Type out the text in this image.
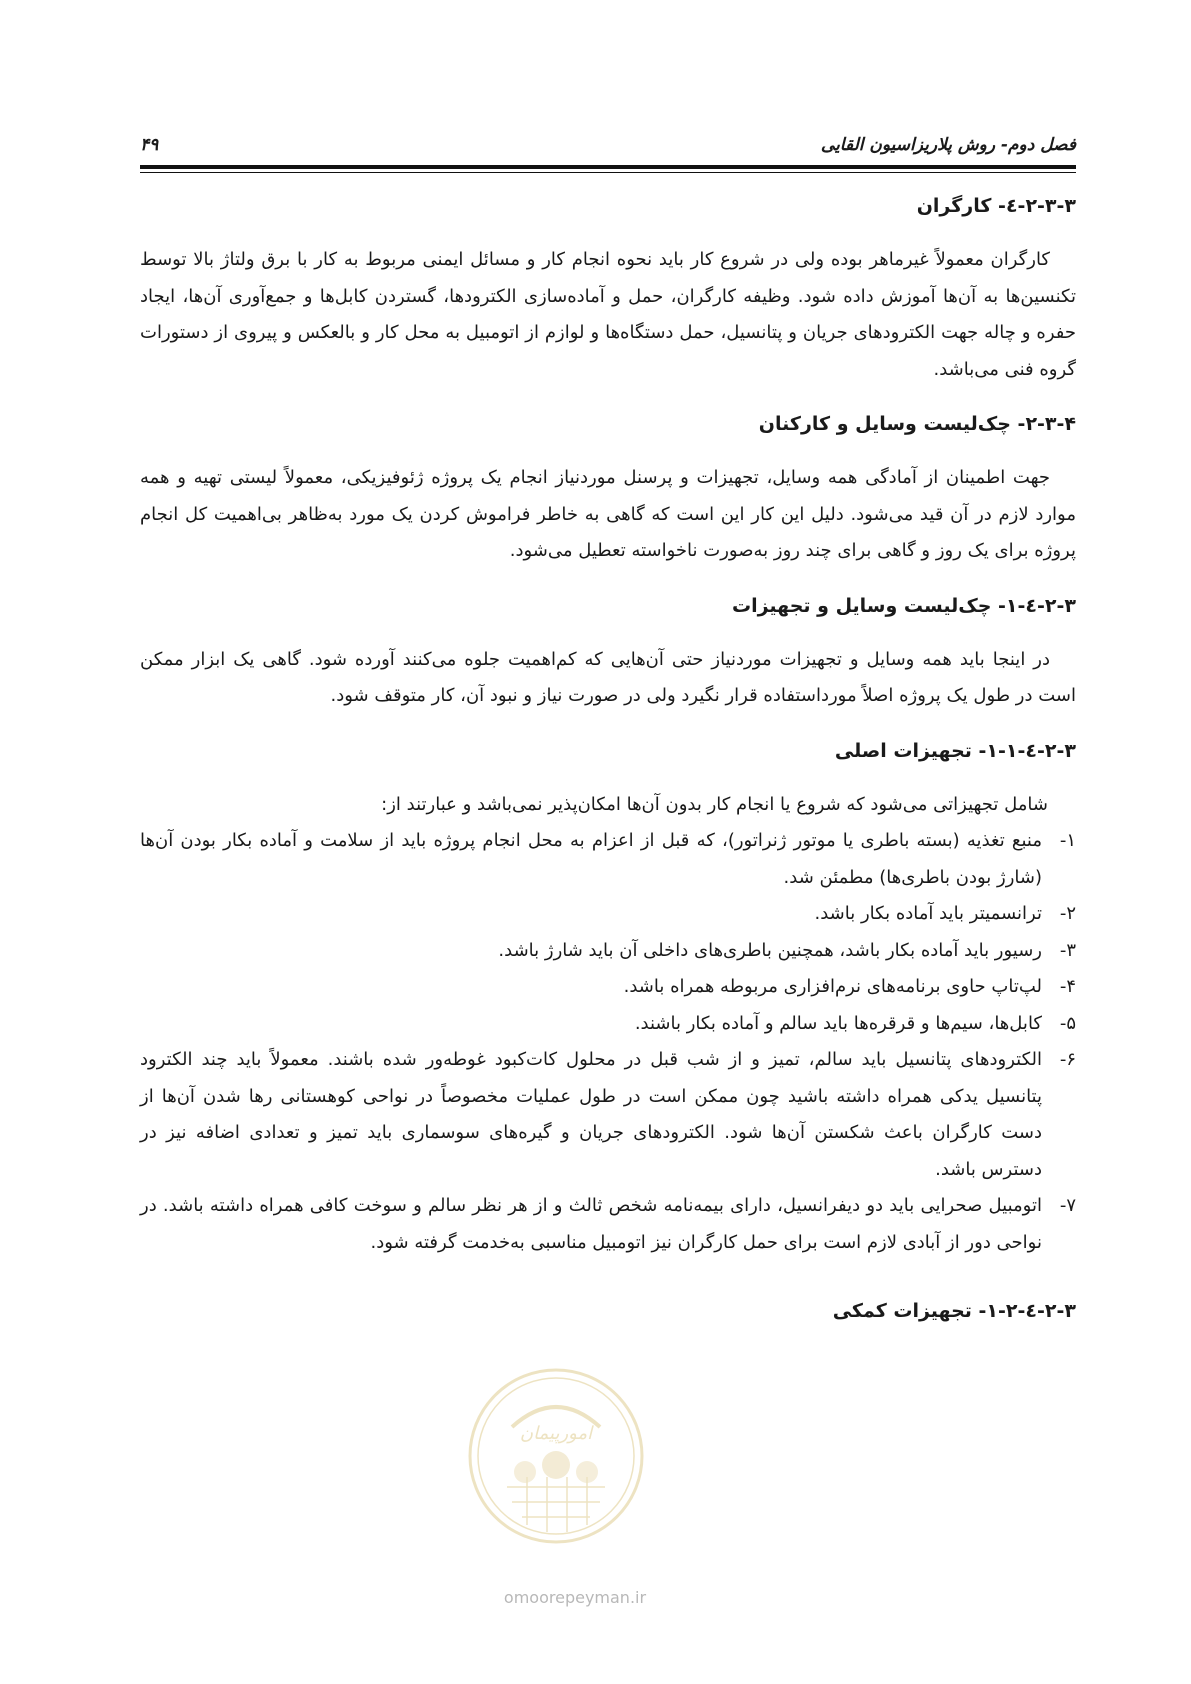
فصل دوم- روش پلاریزاسیون القایی
۴۹
۲-۳-۳-٤- کارگران

کارگران معمولاً غیرماهر بوده ولی در شروع کار باید نحوه انجام کار و مسائل ایمنی مربوط به کار با برق ولتاژ بالا توسط تکنسین‌ها به آن‌ها آموزش داده شود. وظیفه کارگران، حمل و آماده‌سازی الکترودها، گستردن کابل‌ها و جمع‌آوری آن‌ها، ایجاد حفره و چاله جهت الکترودهای جریان و پتانسیل، حمل دستگاه‌ها و لوازم از اتومبیل به محل کار و بالعکس و پیروی از دستورات گروه فنی می‌باشد.

۲-۳-۴- چک‌لیست وسایل و کارکنان

جهت اطمینان از آمادگی همه وسایل، تجهیزات و پرسنل موردنیاز انجام یک پروژه ژئوفیزیکی، معمولاً لیستی تهیه و همه موارد لازم در آن قید می‌شود. دلیل این کار این است که گاهی به خاطر فراموش کردن یک مورد به‌ظاهر بی‌اهمیت کل انجام پروژه برای یک روز و گاهی برای چند روز به‌صورت ناخواسته تعطیل می‌شود.

۲-۳-٤-۱- چک‌لیست وسایل و تجهیزات

در اینجا باید همه وسایل و تجهیزات موردنیاز حتی آن‌هایی که کم‌اهمیت جلوه می‌کنند آورده شود. گاهی یک ابزار ممکن است در طول یک پروژه اصلاً مورداستفاده قرار نگیرد ولی در صورت نیاز و نبود آن، کار متوقف شود.

۲-۳-٤-۱-۱- تجهیزات اصلی

شامل تجهیزاتی می‌شود که شروع یا انجام کار بدون آن‌ها امکان‌پذیر نمی‌باشد و عبارتند از:

۱-
منبع تغذیه (بسته باطری یا موتور ژنراتور)، که قبل از اعزام به محل انجام پروژه باید از سلامت و آماده بکار بودن آن‌ها (شارژ بودن باطری‌ها) مطمئن شد.
۲-
ترانسمیتر باید آماده بکار باشد.
۳-
رسیور باید آماده بکار باشد، همچنین باطری‌های داخلی آن باید شارژ باشد.
۴-
لپ‌تاپ حاوی برنامه‌های نرم‌افزاری مربوطه همراه باشد.
۵-
کابل‌ها، سیم‌ها و قرقره‌ها باید سالم و آماده بکار باشند.
۶-
الکترودهای پتانسیل باید سالم، تمیز و از شب قبل در محلول کات‌کبود غوطه‌ور شده باشند. معمولاً باید چند الکترود پتانسیل یدکی همراه داشته باشید چون ممکن است در طول عملیات مخصوصاً در نواحی کوهستانی رها شدن آن‌ها از دست کارگران باعث شکستن آن‌ها شود. الکترودهای جریان و گیره‌های سوسماری باید تمیز و تعدادی اضافه نیز در دسترس باشد.
۷-
اتومبیل صحرایی باید دو دیفرانسیل، دارای بیمه‌نامه شخص ثالث و از هر نظر سالم و سوخت کافی همراه داشته باشد. در نواحی دور از آبادی لازم است برای حمل کارگران نیز اتومبیل مناسبی به‌خدمت گرفته شود.
۲-۳-٤-۱-۲- تجهیزات کمکی
امورپیمان
omoorepeyman.ir
